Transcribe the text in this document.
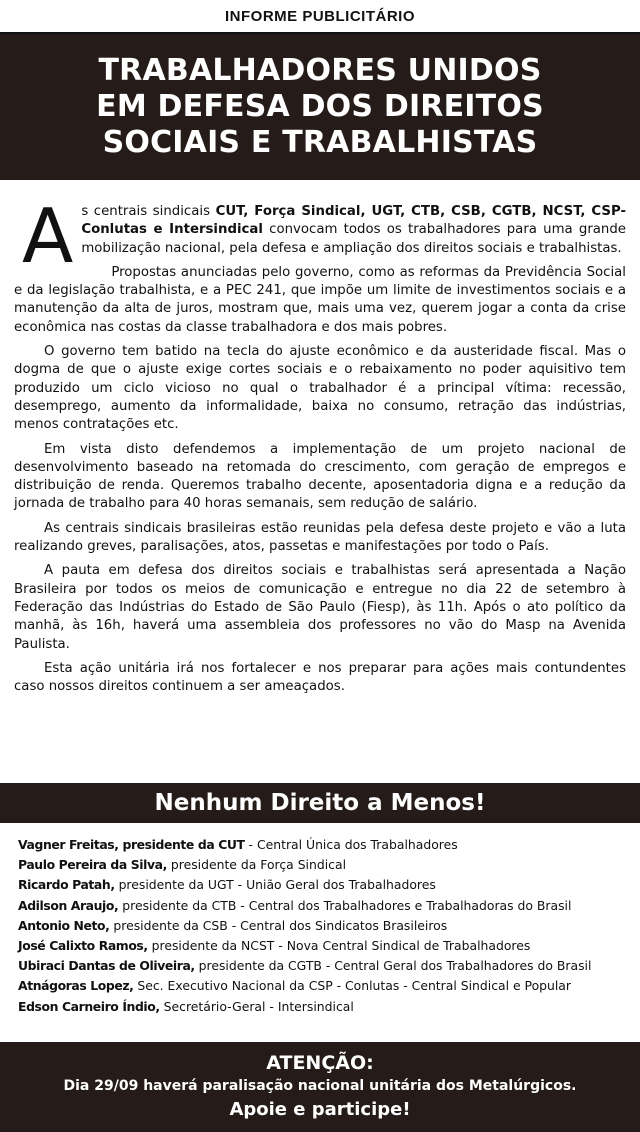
INFORME PUBLICITÁRIO
TRABALHADORES UNIDOS
EM DEFESA DOS DIREITOS
SOCIAIS E TRABALHISTAS

As centrais sindicais CUT, Força Sindical, UGT, CTB, CSB, CGTB, NCST, CSP-Conlutas e Intersindical convocam todos os trabalhadores para uma grande mobilização nacional, pela defesa e ampliação dos direitos sociais e trabalhistas.

Propostas anunciadas pelo governo, como as reformas da Previdência Social e da legislação trabalhista, e a PEC 241, que impõe um limite de investimentos sociais e a manutenção da alta de juros, mostram que, mais uma vez, querem jogar a conta da crise econômica nas costas da classe trabalhadora e dos mais pobres.

O governo tem batido na tecla do ajuste econômico e da austeridade fiscal. Mas o dogma de que o ajuste exige cortes sociais e o rebaixamento no poder aquisitivo tem produzido um ciclo vicioso no qual o trabalhador é a principal vítima: recessão, desemprego, aumento da informalidade, baixa no consumo, retração das indústrias, menos contratações etc.

Em vista disto defendemos a implementação de um projeto nacional de desenvolvimento baseado na retomada do crescimento, com geração de empregos e distribuição de renda. Queremos trabalho decente, aposentadoria digna e a redução da jornada de trabalho para 40 horas semanais, sem redução de salário.

As centrais sindicais brasileiras estão reunidas pela defesa deste projeto e vão a luta realizando greves, paralisações, atos, passetas e manifestações por todo o País.

A pauta em defesa dos direitos sociais e trabalhistas será apresentada a Nação Brasileira por todos os meios de comunicação e entregue no dia 22 de setembro à Federação das Indústrias do Estado de São Paulo (Fiesp), às 11h. Após o ato político da manhã, às 16h, haverá uma assembleia dos professores no vão do Masp na Avenida Paulista.

Esta ação unitária irá nos fortalecer e nos preparar para ações mais contundentes caso nossos direitos continuem a ser ameaçados.

Nenhum Direito a Menos!
Vagner Freitas, presidente da CUT - Central Única dos Trabalhadores
Paulo Pereira da Silva, presidente da Força Sindical
Ricardo Patah, presidente da UGT - União Geral dos Trabalhadores
Adilson Araujo, presidente da CTB - Central dos Trabalhadores e Trabalhadoras do Brasil
Antonio Neto, presidente da CSB - Central dos Sindicatos Brasileiros
José Calixto Ramos, presidente da NCST - Nova Central Sindical de Trabalhadores
Ubiraci Dantas de Oliveira, presidente da CGTB - Central Geral dos Trabalhadores do Brasil
Atnágoras Lopez, Sec. Executivo Nacional da CSP - Conlutas - Central Sindical e Popular
Edson Carneiro Índio, Secretário-Geral - Intersindical
ATENÇÃO:
Dia 29/09 haverá paralisação nacional unitária dos Metalúrgicos.
Apoie e participe!
